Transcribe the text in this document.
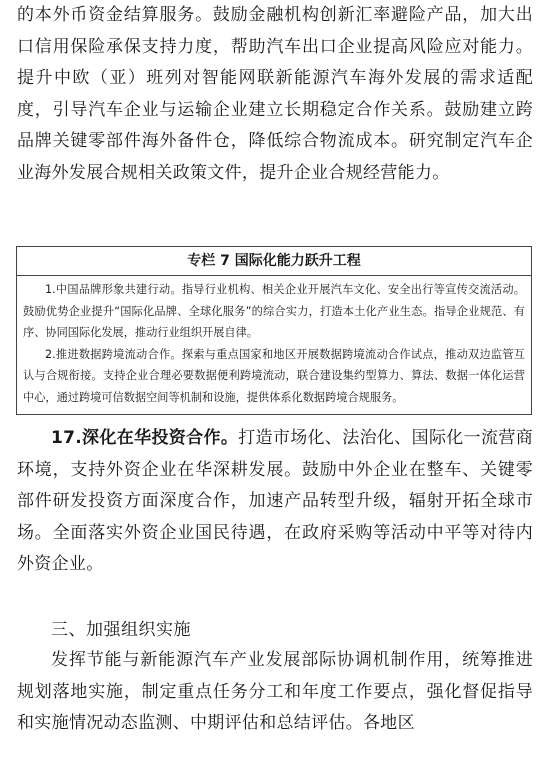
的本外币资金结算服务。鼓励金融机构创新汇率避险产品，加大出口信用保险承保支持力度，帮助汽车出口企业提高风险应对能力。提升中欧（亚）班列对智能网联新能源汽车海外发展的需求适配度，引导汽车企业与运输企业建立长期稳定合作关系。鼓励建立跨品牌关键零部件海外备件仓，降低综合物流成本。研究制定汽车企业海外发展合规相关政策文件，提升企业合规经营能力。

专栏 7 国际化能力跃升工程

1.中国品牌形象共建行动。指导行业机构、相关企业开展汽车文化、安全出行等宣传交流活动。鼓励优势企业提升“国际化品牌、全球化服务”的综合实力，打造本土化产业生态。指导企业规范、有序、协同国际化发展，推动行业组织开展自律。

2.推进数据跨境流动合作。探索与重点国家和地区开展数据跨境流动合作试点，推动双边监管互认与合规衔接。支持企业合理必要数据便利跨境流动，联合建设集约型算力、算法、数据一体化运营中心，通过跨境可信数据空间等机制和设施，提供体系化数据跨境合规服务。

17.深化在华投资合作。打造市场化、法治化、国际化一流营商环境，支持外资企业在华深耕发展。鼓励中外企业在整车、关键零部件研发投资方面深度合作，加速产品转型升级，辐射开拓全球市场。全面落实外资企业国民待遇，在政府采购等活动中平等对待内外资企业。

三、加强组织实施

发挥节能与新能源汽车产业发展部际协调机制作用，统筹推进规划落地实施，制定重点任务分工和年度工作要点，强化督促指导和实施情况动态监测、中期评估和总结评估。各地区
